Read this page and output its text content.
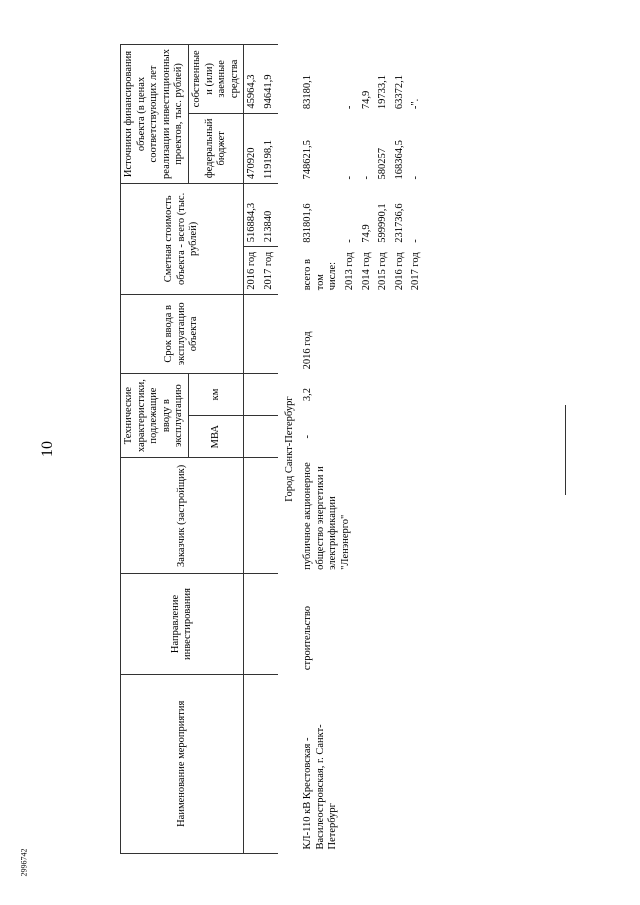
10
2996742
Наименование мероприятия	Направление инвестирования	Заказчик (застройщик)	Технические характеристики, подлежащие вводу в эксплуатацию		Срок ввода в эксплуатацию объекта	Сметная стоимость объекта - всего (тыс. рублей)		Источники финансирования объекта (в ценах соответствующих лет реализации инвестиционных проектов, тыс. рублей)	
			МВА	км				федеральный бюджет	собственные и (или) заемные средства
						2016 год	516884,3	470920	45964,3
						2017 год	213840	119198,1	94641,9
Город Санкт-Петербург									
КЛ-110 кВ Крестовская - Василеостровская, г. Санкт-Петербург	строительство	публичное акционерное общество энергетики и электрификации "Ленэнерго"	-	3,2	2016 год	всего в том числе:	831801,6	748621,5	83180,1
						2013 год	-	-	-
						2014 год	74,9	-	74,9
						2015 год	599990,1	580257	19733,1
						2016 год	231736,6	168364,5	63372,1
						2017 год	-	-	-".
